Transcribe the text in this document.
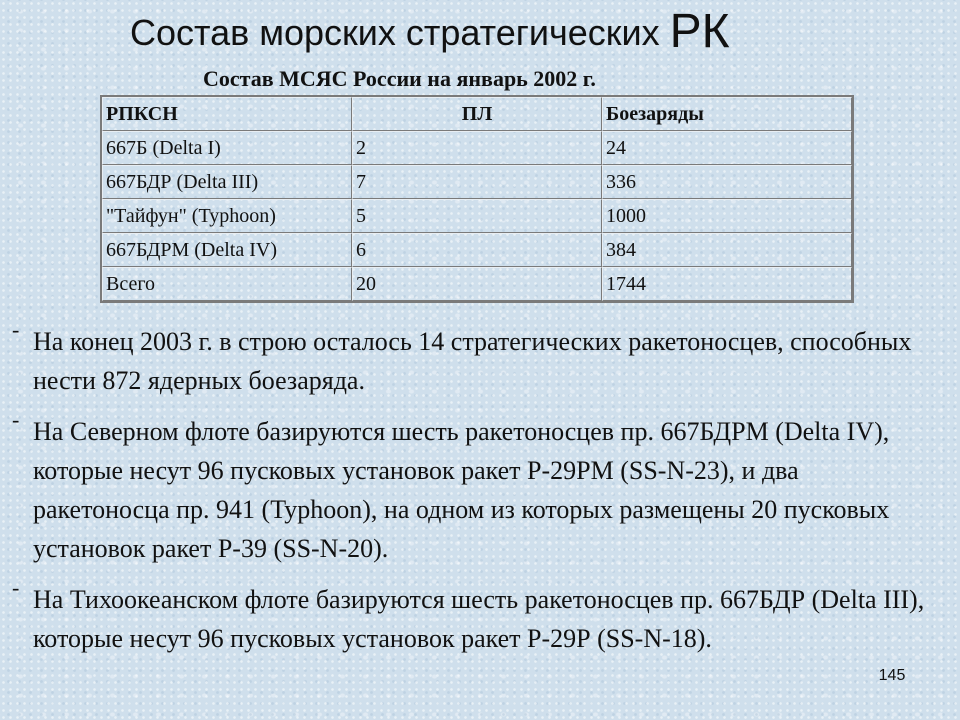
Состав морских стратегических РК
Состав МСЯС России на январь 2002 г.
РПКСН	ПЛ	Боезаряды
667Б (Delta I)	2	24
667БДР (Delta III)	7	336
"Тайфун" (Typhoon)	5	1000
667БДРМ (Delta IV)	6	384
Всего	20	1744
- На конец 2003 г. в строю осталось 14 стратегических ракетоносцев, способных нести 872 ядерных боезаряда.
- На Северном флоте базируются шесть ракетоносцев пр. 667БДРМ (Delta IV), которые несут 96 пусковых установок ракет Р-29РМ (SS-N-23), и два ракетоносца пр. 941 (Typhoon), на одном из которых размещены 20 пусковых установок ракет Р-39 (SS-N-20).
- На Тихоокеанском флоте базируются шесть ракетоносцев пр. 667БДР (Delta III), которые несут 96 пусковых установок ракет Р-29Р (SS-N-18).
145
